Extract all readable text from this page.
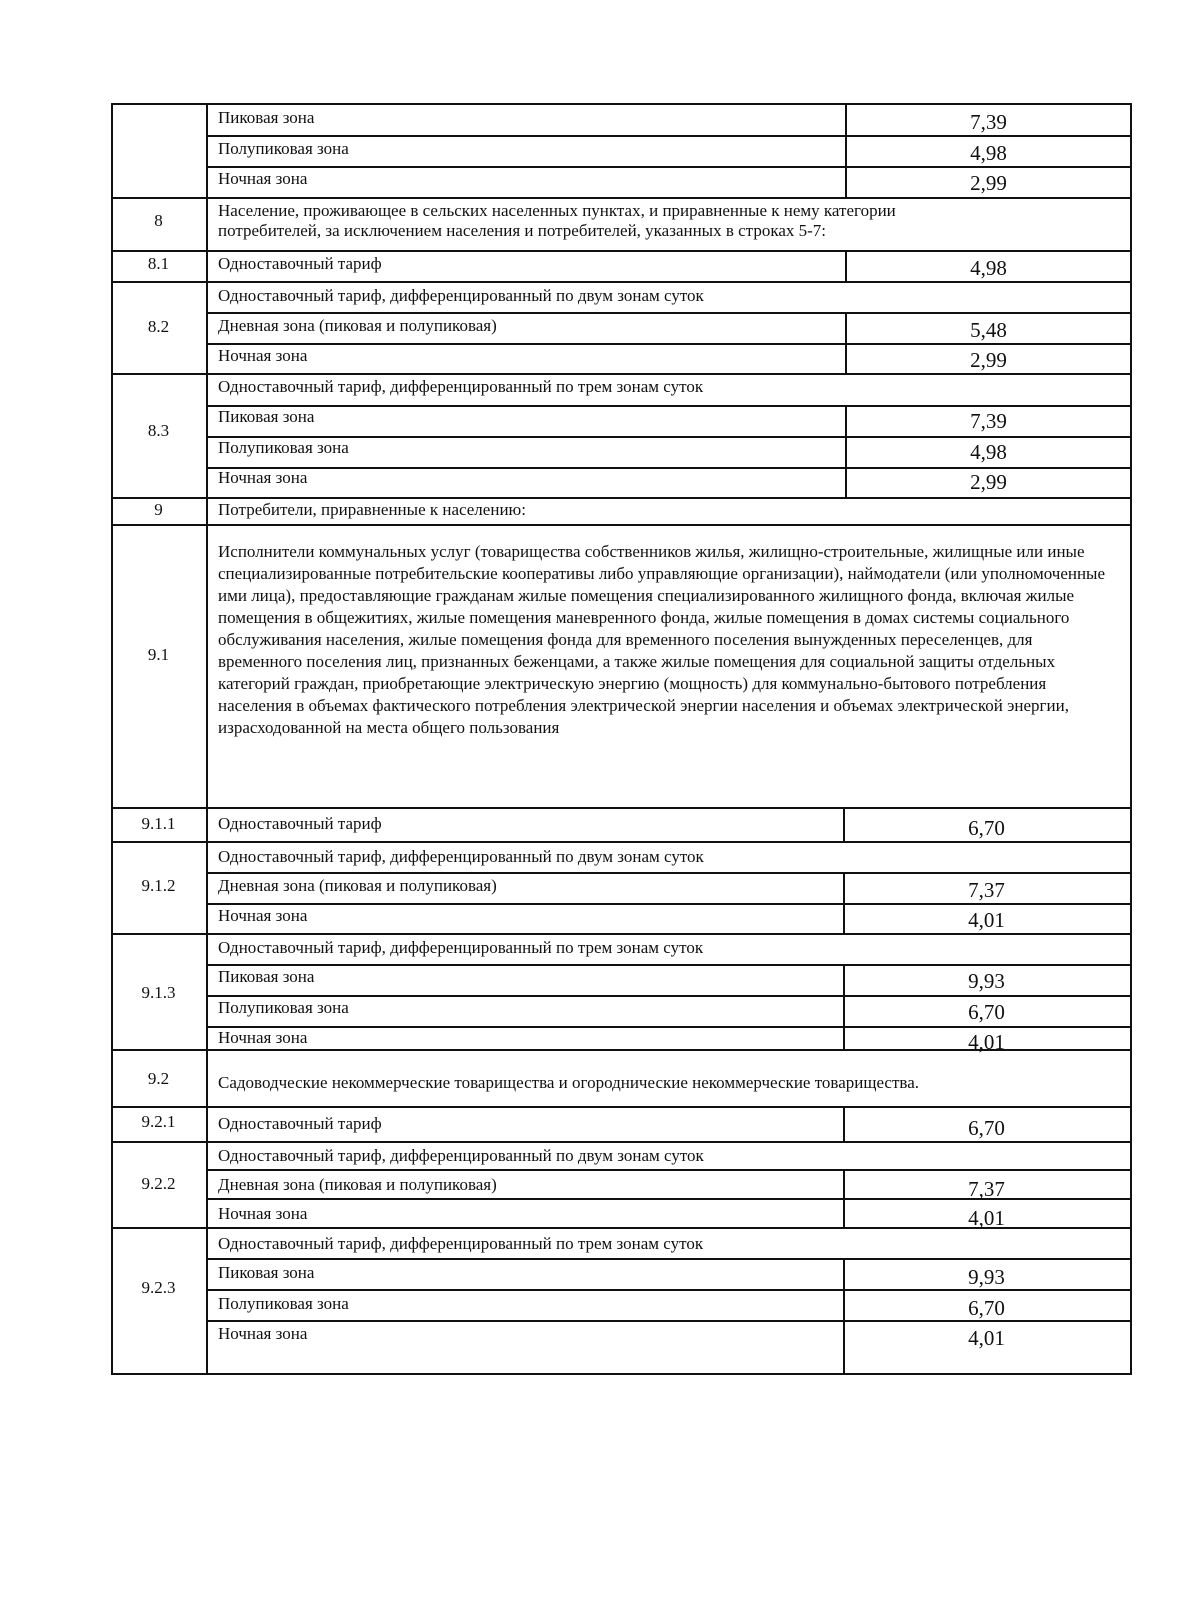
Пиковая зона	7,39
Полупиковая зона	4,98
Ночная зона	2,99
8
Население, проживающее в сельских населенных пунктах, и приравненные к нему категории
потребителей, за исключением населения и потребителей, указанных в строках 5-7:
8.1	Одноставочный тариф	4,98
8.2
Одноставочный тариф, дифференцированный по двум зонам суток
Дневная зона (пиковая и полупиковая)	5,48
Ночная зона	2,99
8.3
Одноставочный тариф, дифференцированный по трем зонам суток
Пиковая зона	7,39
Полупиковая зона	4,98
Ночная зона	2,99
9	Потребители, приравненные к населению:
9.1
Исполнители коммунальных услуг (товарищества собственников жилья, жилищно-строительные, жилищные или иные специализированные потребительские кооперативы либо управляющие организации), наймодатели (или уполномоченные ими лица), предоставляющие гражданам жилые помещения специализированного жилищного фонда, включая жилые помещения в общежитиях, жилые помещения маневренного фонда, жилые помещения в домах системы социального обслуживания населения, жилые помещения фонда для временного поселения вынужденных переселенцев, для временного поселения лиц, признанных беженцами, а также жилые помещения для социальной защиты отдельных категорий граждан, приобретающие электрическую энергию (мощность) для коммунально-бытового потребления населения в объемах фактического потребления электрической энергии населения и объемах электрической энергии, израсходованной на места общего пользования
9.1.1	Одноставочный тариф	6,70
9.1.2
Одноставочный тариф, дифференцированный по двум зонам суток
Дневная зона (пиковая и полупиковая)	7,37
Ночная зона	4,01
9.1.3
Одноставочный тариф, дифференцированный по трем зонам суток
Пиковая зона	9,93
Полупиковая зона	6,70
Ночная зона	4,01
9.2	Садоводческие некоммерческие товарищества и огороднические некоммерческие товарищества.
9.2.1	Одноставочный тариф	6,70
9.2.2
Одноставочный тариф, дифференцированный по двум зонам суток
Дневная зона (пиковая и полупиковая)	7,37
Ночная зона	4,01
9.2.3
Одноставочный тариф, дифференцированный по трем зонам суток
Пиковая зона	9,93
Полупиковая зона	6,70
Ночная зона	4,01
